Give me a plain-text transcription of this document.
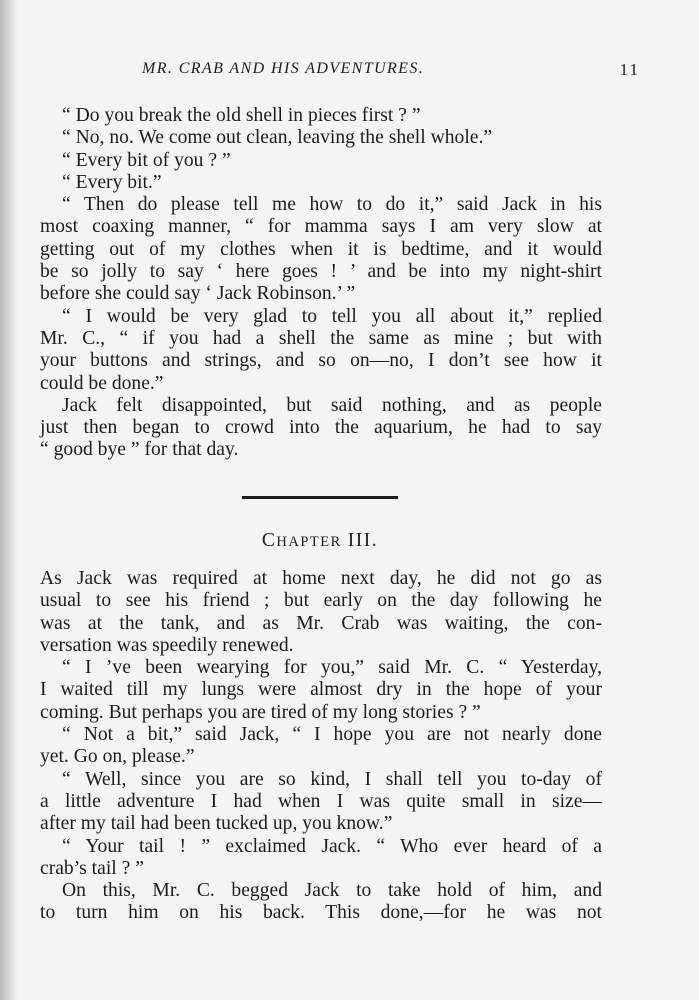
MR. CRAB AND HIS ADVENTURES.	11
“ Do you break the old shell in pieces first ? ”
“ No, no. We come out clean, leaving the shell whole.”
“ Every bit of you ? ”
“ Every bit.”
“ Then do please tell me how to do it,” said Jack in his
most coaxing manner, “ for mamma says I am very slow at
getting out of my clothes when it is bedtime, and it would
be so jolly to say ‘ here goes ! ’ and be into my night-shirt
before she could say ‘ Jack Robinson.’ ”
“ I would be very glad to tell you all about it,” replied
Mr. C., “ if you had a shell the same as mine ; but with
your buttons and strings, and so on—no, I don’t see how it
could be done.”
Jack felt disappointed, but said nothing, and as people
just then began to crowd into the aquarium, he had to say
“ good bye ” for that day.
CHAPTER III.
As Jack was required at home next day, he did not go as
usual to see his friend ; but early on the day following he
was at the tank, and as Mr. Crab was waiting, the con-
versation was speedily renewed.
“ I ’ve been wearying for you,” said Mr. C. “ Yesterday,
I waited till my lungs were almost dry in the hope of your
coming. But perhaps you are tired of my long stories ? ”
“ Not a bit,” said Jack, “ I hope you are not nearly done
yet. Go on, please.”
“ Well, since you are so kind, I shall tell you to-day of
a little adventure I had when I was quite small in size—
after my tail had been tucked up, you know.”
“ Your tail ! ” exclaimed Jack. “ Who ever heard of a
crab’s tail ? ”
On this, Mr. C. begged Jack to take hold of him, and
to turn him on his back. This done,—for he was not
